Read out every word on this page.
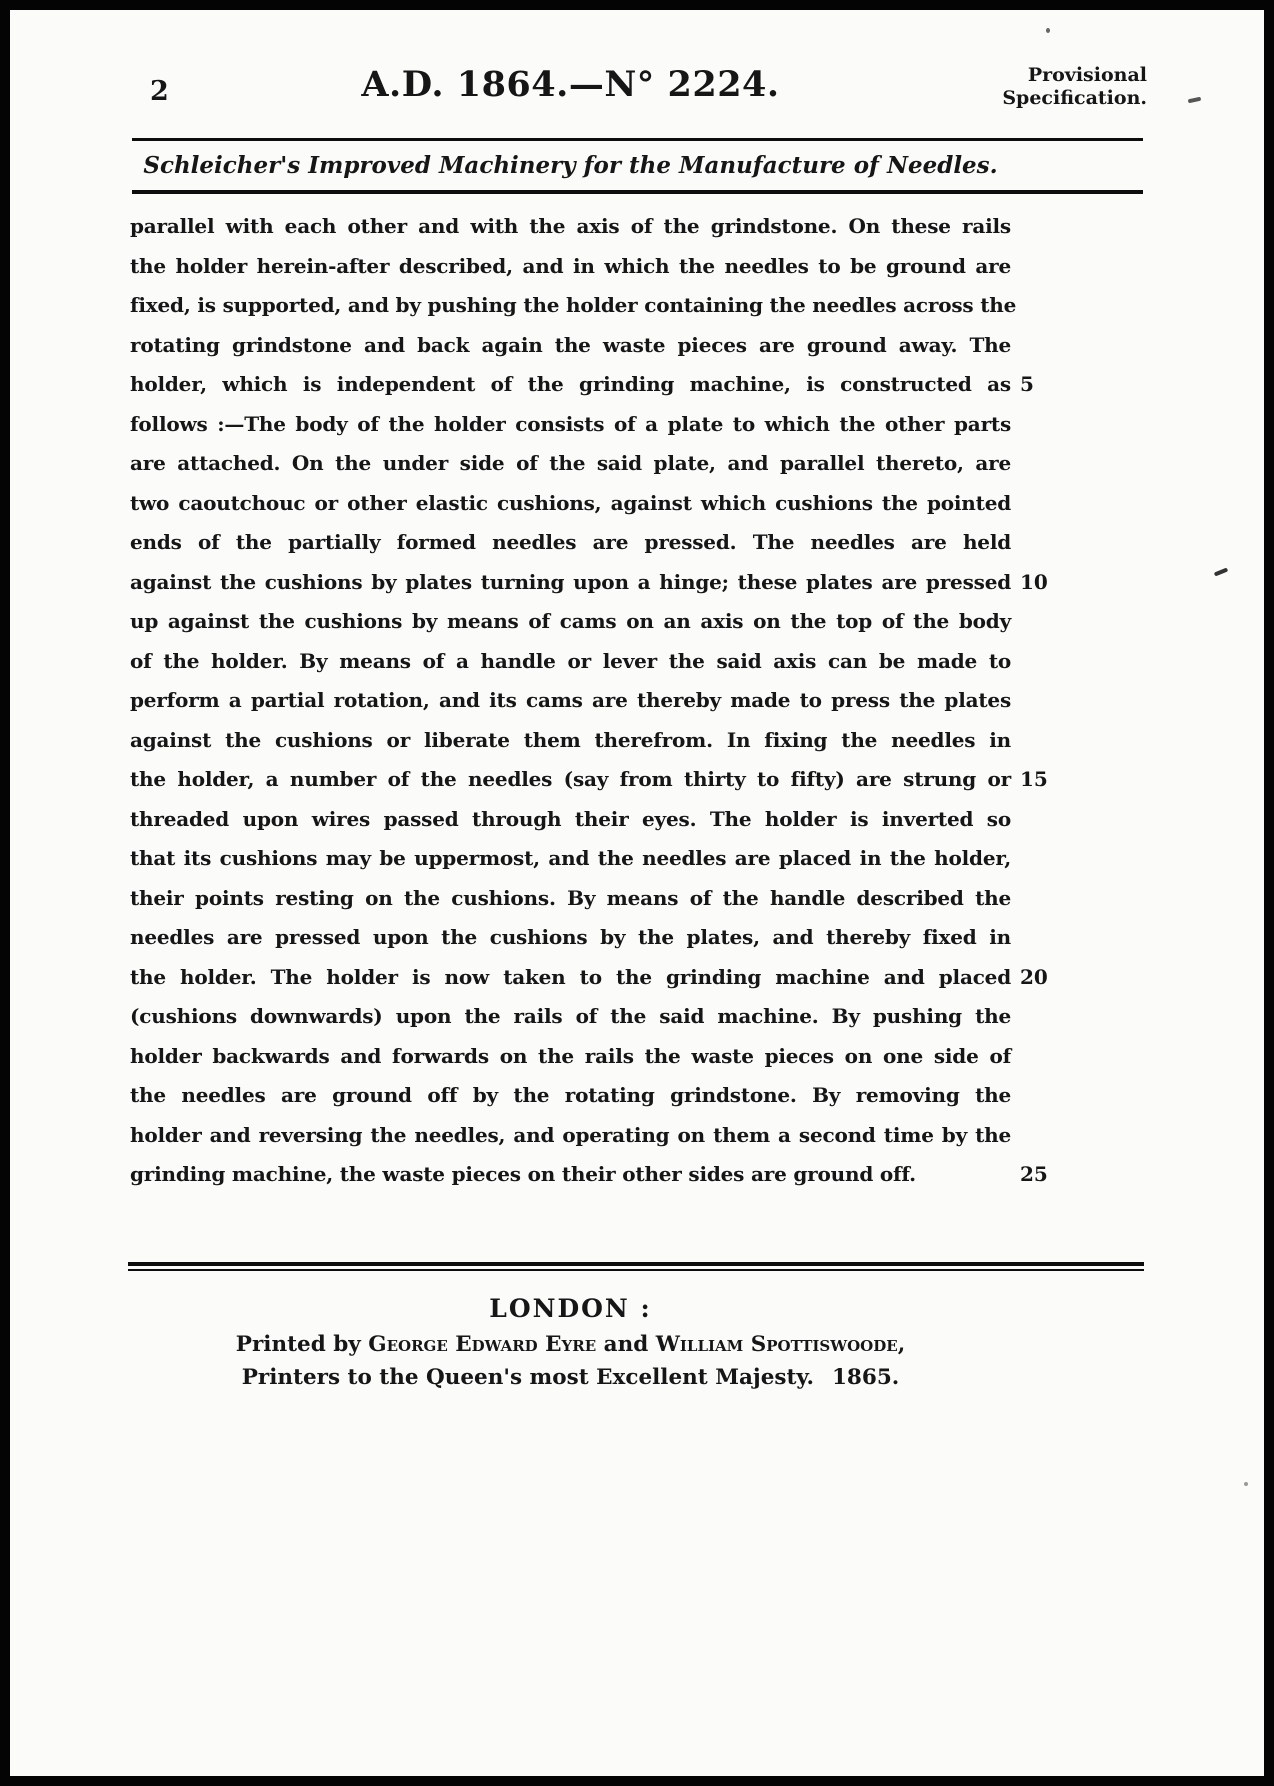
2	A.D. 1864.—N° 2224.	Provisional
Specification.
Schleicher's Improved Machinery for the Manufacture of Needles.
parallel with each other and with the axis of the grindstone. On these rails
the holder herein-after described, and in which the needles to be ground are
fixed, is supported, and by pushing the holder containing the needles across the
rotating grindstone and back again the waste pieces are ground away. The
holder, which is independent of the grinding machine, is constructed as
follows :—The body of the holder consists of a plate to which the other parts
are attached. On the under side of the said plate, and parallel thereto, are
two caoutchouc or other elastic cushions, against which cushions the pointed
ends of the partially formed needles are pressed. The needles are held
against the cushions by plates turning upon a hinge; these plates are pressed
up against the cushions by means of cams on an axis on the top of the body
of the holder. By means of a handle or lever the said axis can be made to
perform a partial rotation, and its cams are thereby made to press the plates
against the cushions or liberate them therefrom. In fixing the needles in
the holder, a number of the needles (say from thirty to fifty) are strung or
threaded upon wires passed through their eyes. The holder is inverted so
that its cushions may be uppermost, and the needles are placed in the holder,
their points resting on the cushions. By means of the handle described the
needles are pressed upon the cushions by the plates, and thereby fixed in
the holder. The holder is now taken to the grinding machine and placed
(cushions downwards) upon the rails of the said machine. By pushing the
holder backwards and forwards on the rails the waste pieces on one side of
the needles are ground off by the rotating grindstone. By removing the
holder and reversing the needles, and operating on them a second time by the
grinding machine, the waste pieces on their other sides are ground off.
5
10
15
20
25
LONDON :
Printed by George Edward Eyre and William Spottiswoode,
Printers to the Queen's most Excellent Majesty. 1865.
